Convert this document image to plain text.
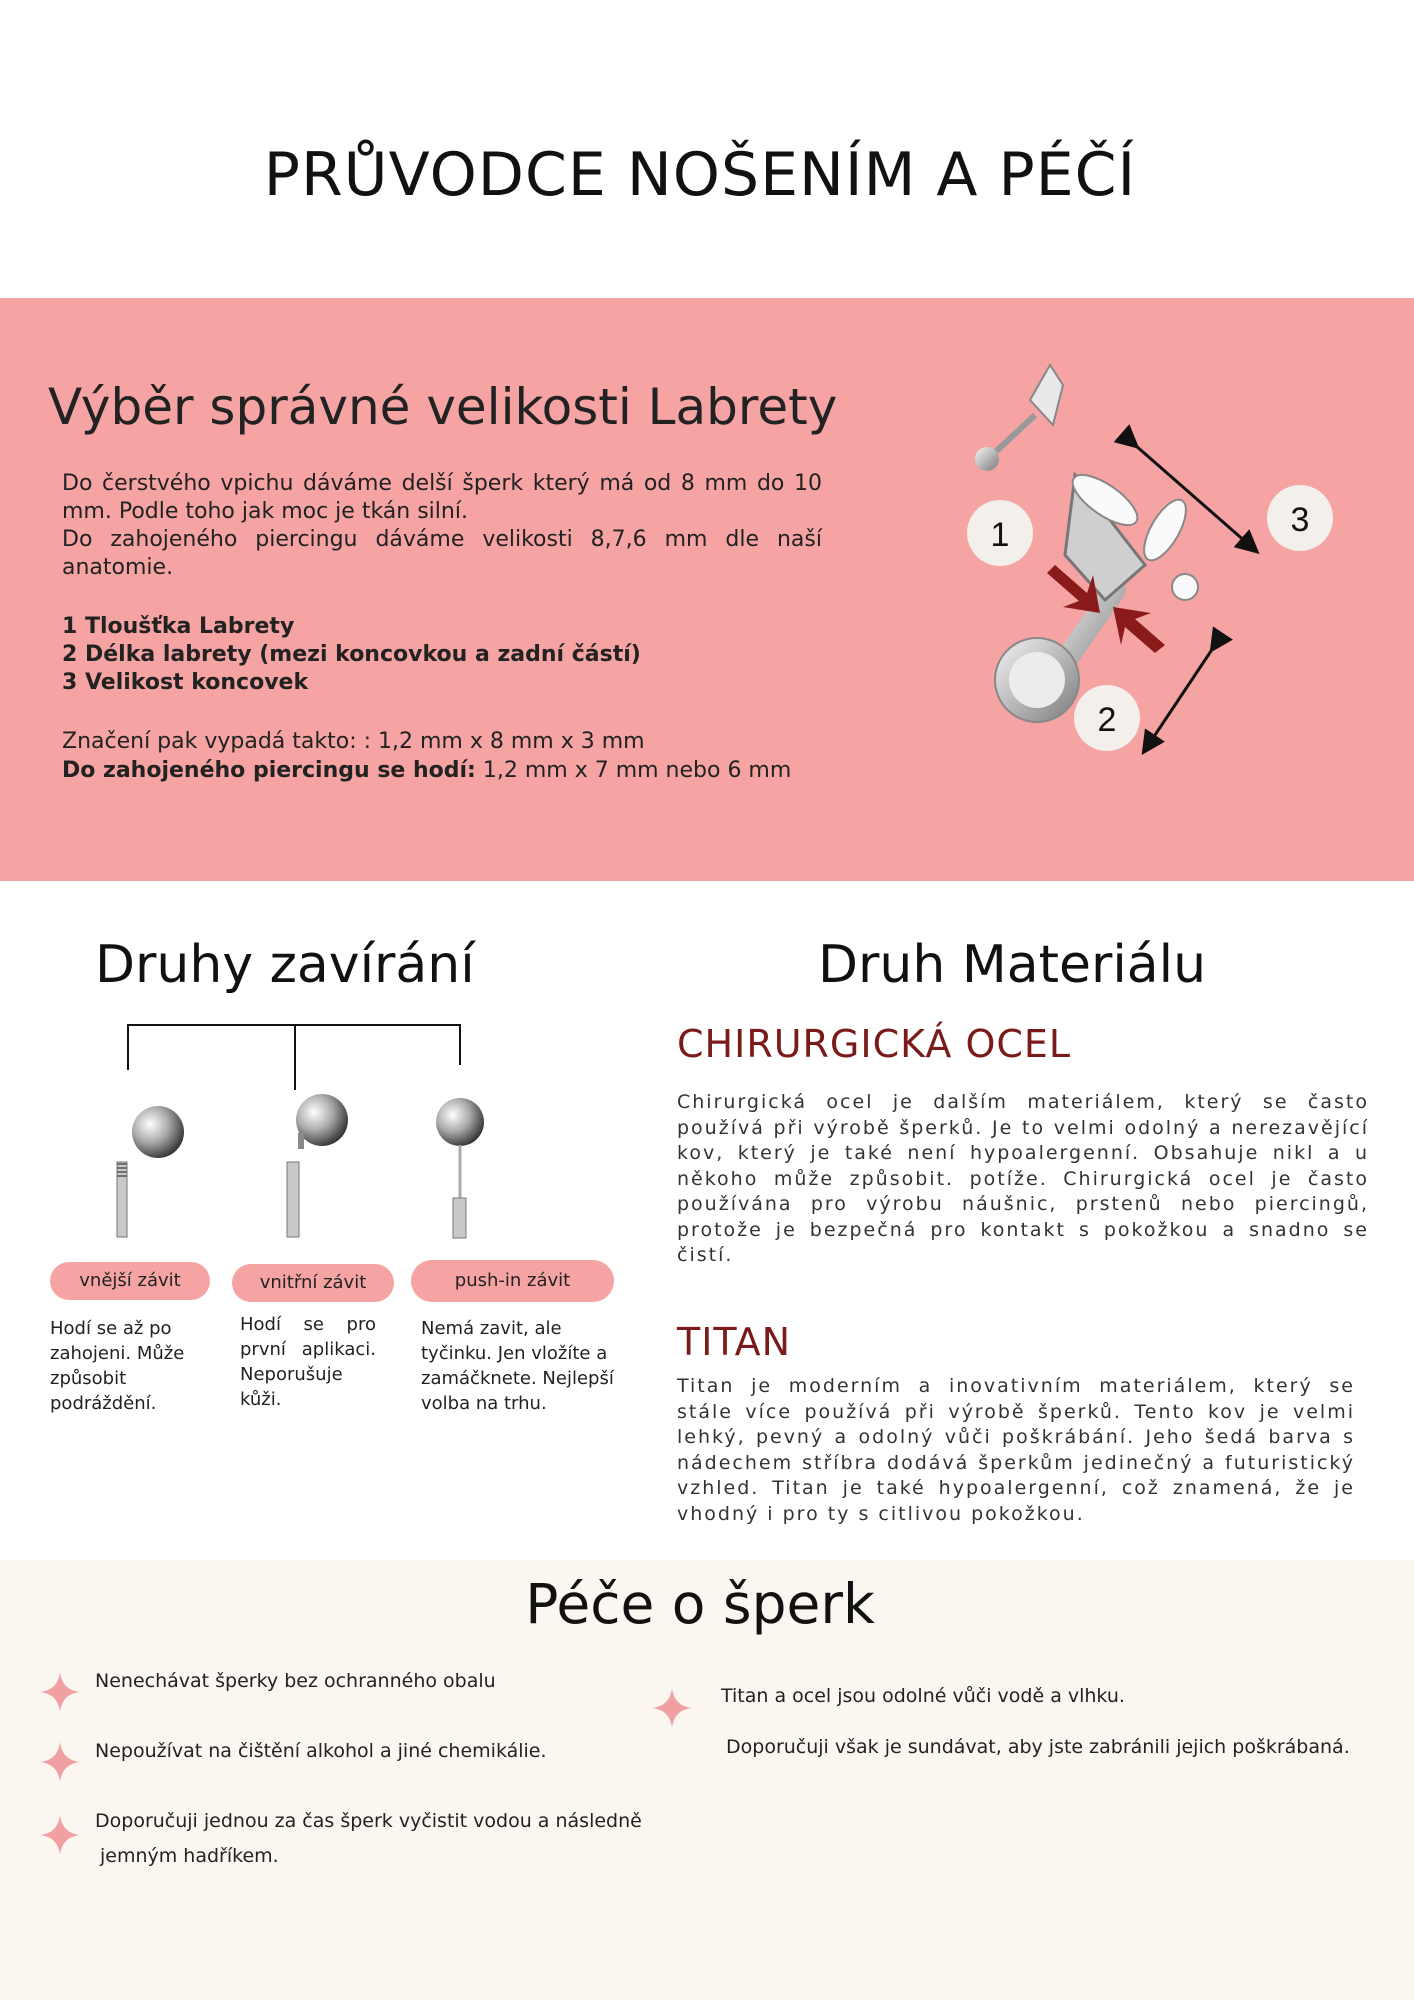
PRŮVODCE NOŠENÍM A PÉČÍ
Výběr správné velikosti Labrety

Do čerstvého vpichu dáváme delší šperk který má od 8 mm do 10 mm. Podle toho jak moc je tkán silní.

Do zahojeného piercingu dáváme velikosti 8,7,6 mm dle naší anatomie.

1 Tloušťka Labrety
2 Délka labrety (mezi koncovkou a zadní částí)
3 Velikost koncovek
Značení pak vypadá takto: : 1,2 mm x 8 mm x 3 mm
Do zahojeného piercingu se hodí: 1,2 mm x 7 mm nebo 6 mm
1
2
3
Druhy zavírání
vnější závit	vnitřní závit	push-in závit
Hodí se až po zahojeni. Může způsobit podráždění.
Hodí se pro první aplikaci. Neporušuje kůži.
Nemá zavit, ale tyčinku. Jen vložíte a zamáčknete. Nejlepší volba na trhu.
Druh Materiálu
CHIRURGICKÁ OCEL
Chirurgická ocel je dalším materiálem, který se často používá při výrobě šperků. Je to velmi odolný a nerezavějící kov, který je také není hypoalergenní. Obsahuje nikl a u někoho může způsobit. potíže. Chirurgická ocel je často používána pro výrobu náušnic, prstenů nebo piercingů, protože je bezpečná pro kontakt s pokožkou a snadno se čistí.
TITAN
Titan je moderním a inovativním materiálem, který se stále více používá při výrobě šperků. Tento kov je velmi lehký, pevný a odolný vůči poškrábání. Jeho šedá barva s nádechem stříbra dodává šperkům jedinečný a futuristický vzhled. Titan je také hypoalergenní, což znamená, že je vhodný i pro ty s citlivou pokožkou.
Péče o šperk
Nenechávat šperky bez ochranného obalu
Nepoužívat na čištění alkohol a jiné chemikálie.
Doporučuji jednou za čas šperk vyčistit vodou a následně
jemným hadříkem.
Titan a ocel jsou odolné vůči vodě a vlhku.
Doporučuji však je sundávat, aby jste zabránili jejich poškrábaná.
